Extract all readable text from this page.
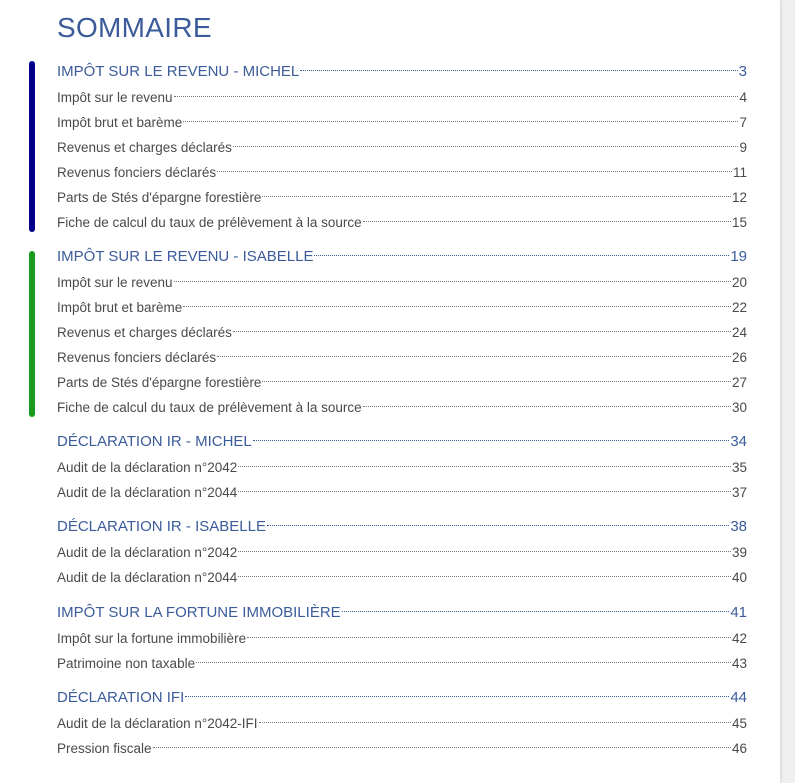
SOMMAIRE
IMPÔT SUR LE REVENU - MICHEL	3
Impôt sur le revenu	4
Impôt brut et barème	7
Revenus et charges déclarés	9
Revenus fonciers déclarés	11
Parts de Stés d'épargne forestière	12
Fiche de calcul du taux de prélèvement à la source	15
IMPÔT SUR LE REVENU - ISABELLE	19
Impôt sur le revenu	20
Impôt brut et barème	22
Revenus et charges déclarés	24
Revenus fonciers déclarés	26
Parts de Stés d'épargne forestière	27
Fiche de calcul du taux de prélèvement à la source	30
DÉCLARATION IR - MICHEL	34
Audit de la déclaration n°2042	35
Audit de la déclaration n°2044	37
DÉCLARATION IR - ISABELLE	38
Audit de la déclaration n°2042	39
Audit de la déclaration n°2044	40
IMPÔT SUR LA FORTUNE IMMOBILIÈRE	41
Impôt sur la fortune immobilière	42
Patrimoine non taxable	43
DÉCLARATION IFI	44
Audit de la déclaration n°2042-IFI	45
Pression fiscale	46
